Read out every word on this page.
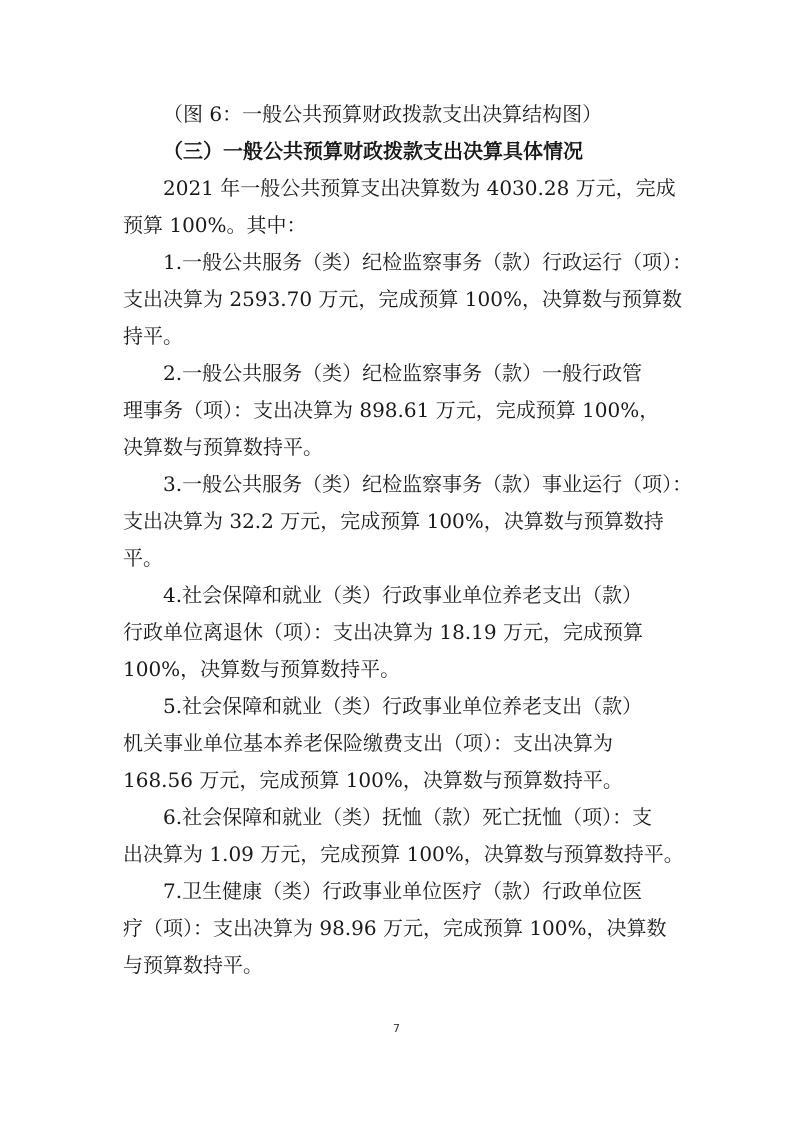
（图 6：一般公共预算财政拨款支出决算结构图）

（三）一般公共预算财政拨款支出决算具体情况

2021 年一般公共预算支出决算数为 4030.28 万元，完成

预算 100%。其中：

1.一般公共服务（类）纪检监察事务（款）行政运行（项）：

支出决算为 2593.70 万元，完成预算 100%，决算数与预算数

持平。

2.一般公共服务（类）纪检监察事务（款）一般行政管

理事务（项）：支出决算为 898.61 万元，完成预算 100%，

决算数与预算数持平。

3.一般公共服务（类）纪检监察事务（款）事业运行（项）：

支出决算为 32.2 万元，完成预算 100%，决算数与预算数持

平。

4.社会保障和就业（类）行政事业单位养老支出（款）

行政单位离退休（项）：支出决算为 18.19 万元，完成预算

100%，决算数与预算数持平。

5.社会保障和就业（类）行政事业单位养老支出（款）

机关事业单位基本养老保险缴费支出（项）：支出决算为

168.56 万元，完成预算 100%，决算数与预算数持平。

6.社会保障和就业（类）抚恤（款）死亡抚恤（项）：支

出决算为 1.09 万元，完成预算 100%，决算数与预算数持平。

7.卫生健康（类）行政事业单位医疗（款）行政单位医

疗（项）：支出决算为 98.96 万元，完成预算 100%，决算数

与预算数持平。

7
